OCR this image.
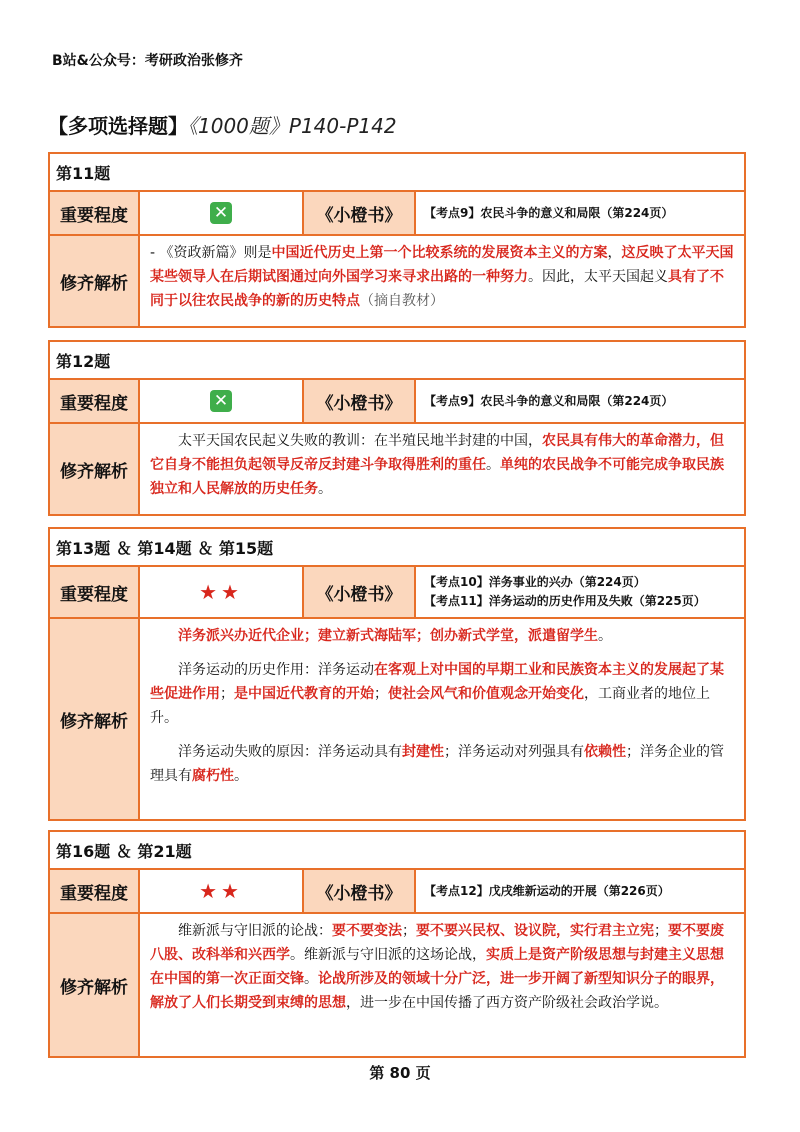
B站&公众号：考研政治张修齐
【多项选择题】《1000题》P140-P142
第11题
重要程度	✕	《小橙书》	【考点9】农民斗争的意义和局限（第224页）
修齐解析

- 《资政新篇》则是中国近代历史上第一个比较系统的发展资本主义的方案，这反映了太平天国某些领导人在后期试图通过向外国学习来寻求出路的一种努力。因此，太平天国起义具有了不同于以往农民战争的新的历史特点（摘自教材）

第12题
重要程度	✕	《小橙书》	【考点9】农民斗争的意义和局限（第224页）
修齐解析

太平天国农民起义失败的教训：在半殖民地半封建的中国，农民具有伟大的革命潜力，但它自身不能担负起领导反帝反封建斗争取得胜利的重任。单纯的农民战争不可能完成争取民族独立和人民解放的历史任务。

第13题 ＆ 第14题 ＆ 第15题
重要程度	★★	《小橙书》
【考点10】洋务事业的兴办（第224页）
【考点11】洋务运动的历史作用及失败（第225页）
修齐解析

洋务派兴办近代企业；建立新式海陆军；创办新式学堂，派遣留学生。

洋务运动的历史作用：洋务运动在客观上对中国的早期工业和民族资本主义的发展起了某些促进作用；是中国近代教育的开始；使社会风气和价值观念开始变化，工商业者的地位上升。

洋务运动失败的原因：洋务运动具有封建性；洋务运动对列强具有依赖性；洋务企业的管理具有腐朽性。

第16题 ＆ 第21题
重要程度	★★	《小橙书》	【考点12】戊戌维新运动的开展（第226页）
修齐解析

维新派与守旧派的论战：要不要变法；要不要兴民权、设议院，实行君主立宪；要不要废八股、改科举和兴西学。维新派与守旧派的这场论战，实质上是资产阶级思想与封建主义思想在中国的第一次正面交锋。论战所涉及的领域十分广泛，进一步开阔了新型知识分子的眼界，解放了人们长期受到束缚的思想，进一步在中国传播了西方资产阶级社会政治学说。

第 80 页
